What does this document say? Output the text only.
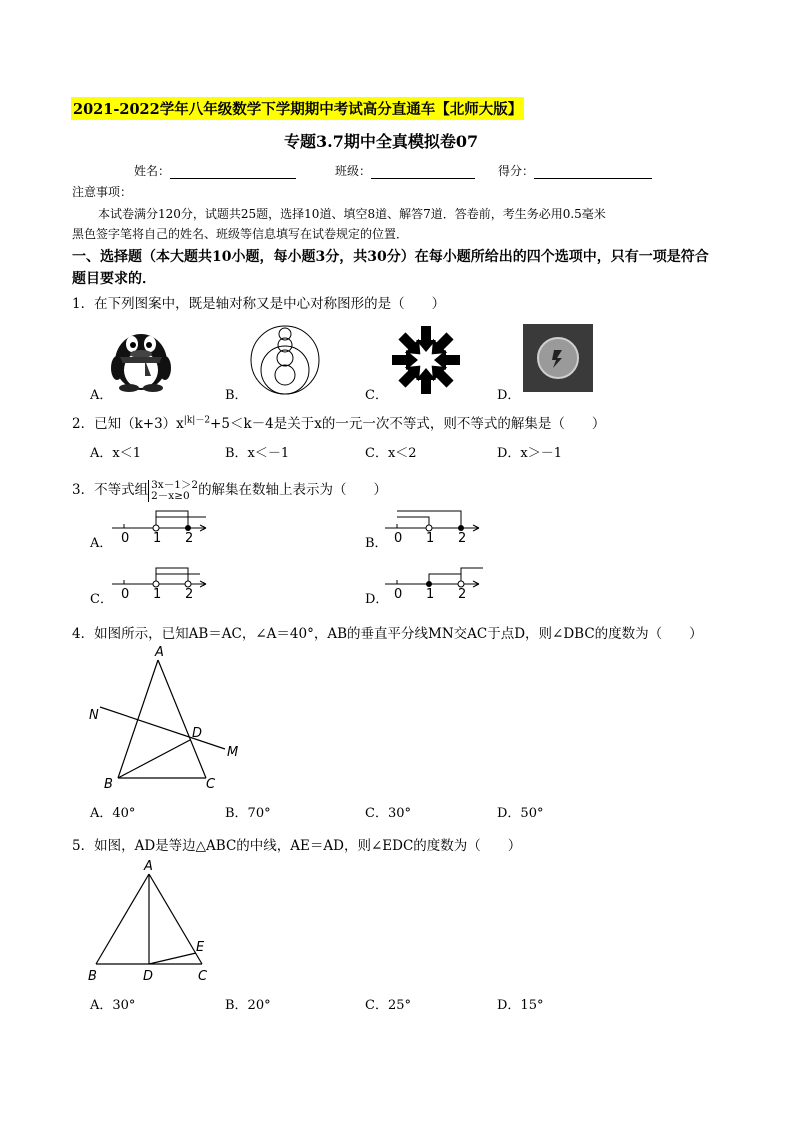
2021-2022学年八年级数学下学期期中考试高分直通车【北师大版】
专题3.7期中全真模拟卷07
姓名：	班级：	得分：
注意事项：
本试卷满分120分，试题共25题，选择10道、填空8道、解答7道．答卷前，考生务必用0.5毫米
黑色签字笔将自己的姓名、班级等信息填写在试卷规定的位置．
一、选择题（本大题共10小题，每小题3分，共30分）在每小题所给出的四个选项中，只有一项是符合
题目要求的．
1．在下列图案中，既是轴对称又是中心对称图形的是（　　）
A．	B．	C．	D．
2．已知$(k+3)x^{|k|-2}+5<k-4$是关于x的一元一次不等式，则不等式的解集是（　　）
A．x＜1	B．x＜－1	C．x＜2	D．x＞－1
3．不等式组 3x－1＞2
2－x≥0 的解集在数轴上表示为（　　）
0 1 2
A．	0 1 2
B．
0 1 2
C．	0 1 2
D．
4．如图所示，已知AB＝AC，∠A＝40°，AB的垂直平分线MN交AC于点D，则∠DBC的度数为（　　）
A
B	C
D
M
N
A．40°	B．70°	C．30°	D．50°
5．如图，AD是等边△ABC的中线，AE＝AD，则∠EDC的度数为（　　）
A
B	C
D
E
A．30°	B．20°	C．25°	D．15°
